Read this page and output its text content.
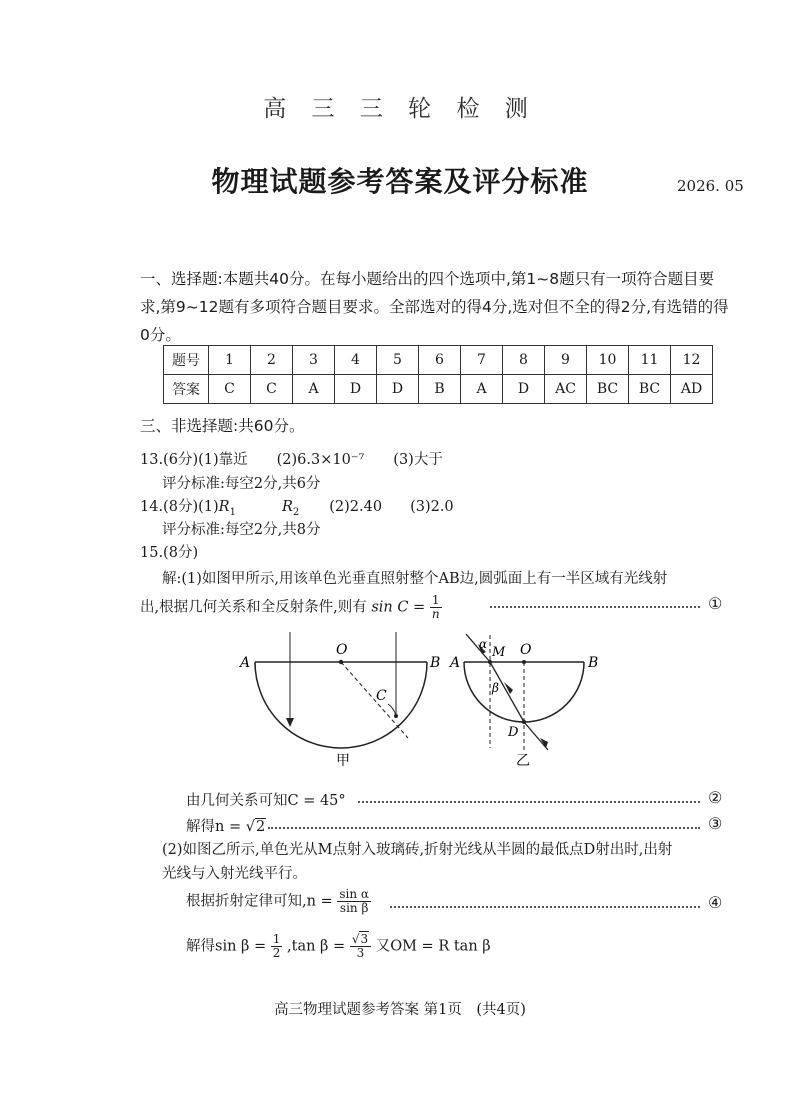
高 三 三 轮 检 测
物理试题参考答案及评分标准	2026. 05
一、选择题:本题共40分。在每小题给出的四个选项中,第1~8题只有一项符合题目要求,第9~12题有多项符合题目要求。全部选对的得4分,选对但不全的得2分,有选错的得0分。
题号	1	2	3	4	5	6	7	8	9	10	11	12
答案	C	C	A	D	D	B	A	D	AC	BC	BC	AD
三、非选择题:共60分。
13.(6分)(1)靠近　　(2)6.3×10⁻⁷　　(3)大于
评分标准:每空2分,共6分
14.(8分)$(1)R_1$	$R_2$ (2)2.40 (3)2.0
评分标准:每空2分,共8分
15.(8分)
解:(1)如图甲所示,用该单色光垂直照射整个AB边,圆弧面上有一半区域有光线射
出,根据几何关系和全反射条件,则有 $\sin C = \frac{1}{n}$	①
A
O
B
C
甲
A
M O
B
α
β
D
乙
由几何关系可知C = 45°	②
解得n = √2	③
(2)如图乙所示,单色光从M点射入玻璃砖,折射光线从半圆的最低点D射出时,出射
光线与入射光线平行。
根据折射定律可知$,n = \frac{\text{sin α}}{\text{sin β}}$	④
解得$\sin \beta = \frac{1}{2} ,\tan$ $\beta = \frac{√3}{3}$ 又OM = R tan β
高三物理试题参考答案 第1页　(共4页)
